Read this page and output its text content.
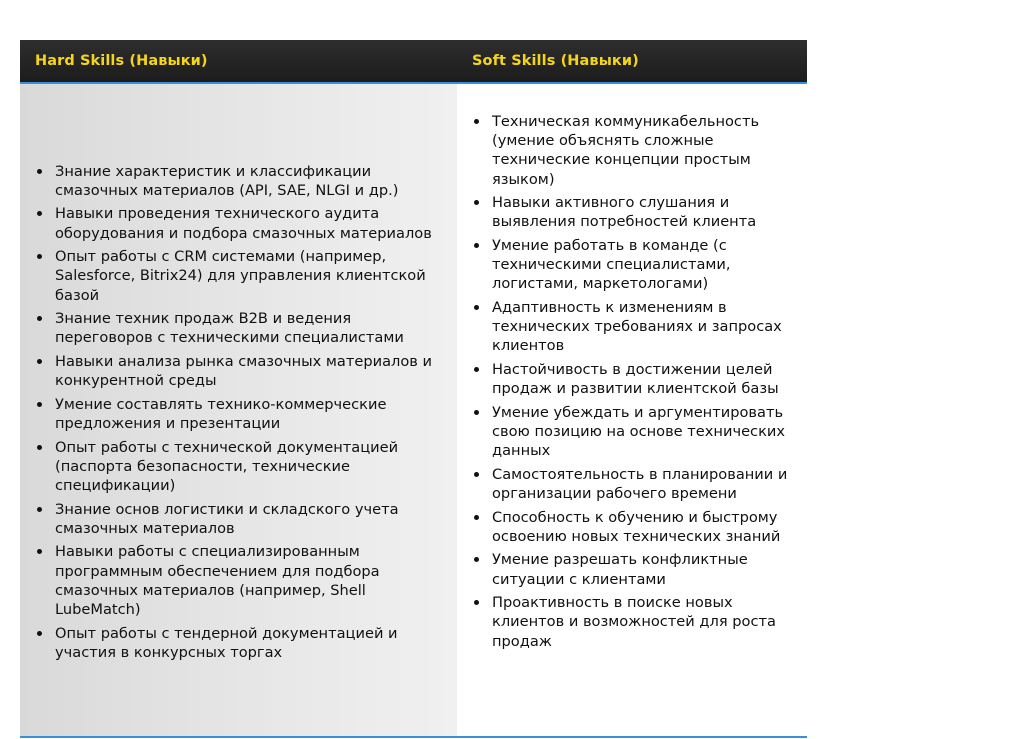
Hard Skills (Навыки)	Soft Skills (Навыки)
Знание характеристик и классификации смазочных материалов (API, SAE, NLGI и др.)
Навыки проведения технического аудита оборудования и подбора смазочных материалов
Опыт работы с CRM системами (например, Salesforce, Bitrix24) для управления клиентской базой
Знание техник продаж B2B и ведения переговоров с техническими специалистами
Навыки анализа рынка смазочных материалов и конкурентной среды
Умение составлять технико-коммерческие предложения и презентации
Опыт работы с технической документацией (паспорта безопасности, технические спецификации)
Знание основ логистики и складского учета смазочных материалов
Навыки работы с специализированным программным обеспечением для подбора смазочных материалов (например, Shell LubeMatch)
Опыт работы с тендерной документацией и участия в конкурсных торгах
Техническая коммуникабельность (умение объяснять сложные технические концепции простым языком)
Навыки активного слушания и выявления потребностей клиента
Умение работать в команде (с техническими специалистами, логистами, маркетологами)
Адаптивность к изменениям в технических требованиях и запросах клиентов
Настойчивость в достижении целей продаж и развитии клиентской базы
Умение убеждать и аргументировать свою позицию на основе технических данных
Самостоятельность в планировании и организации рабочего времени
Способность к обучению и быстрому освоению новых технических знаний
Умение разрешать конфликтные ситуации с клиентами
Проактивность в поиске новых клиентов и возможностей для роста продаж
